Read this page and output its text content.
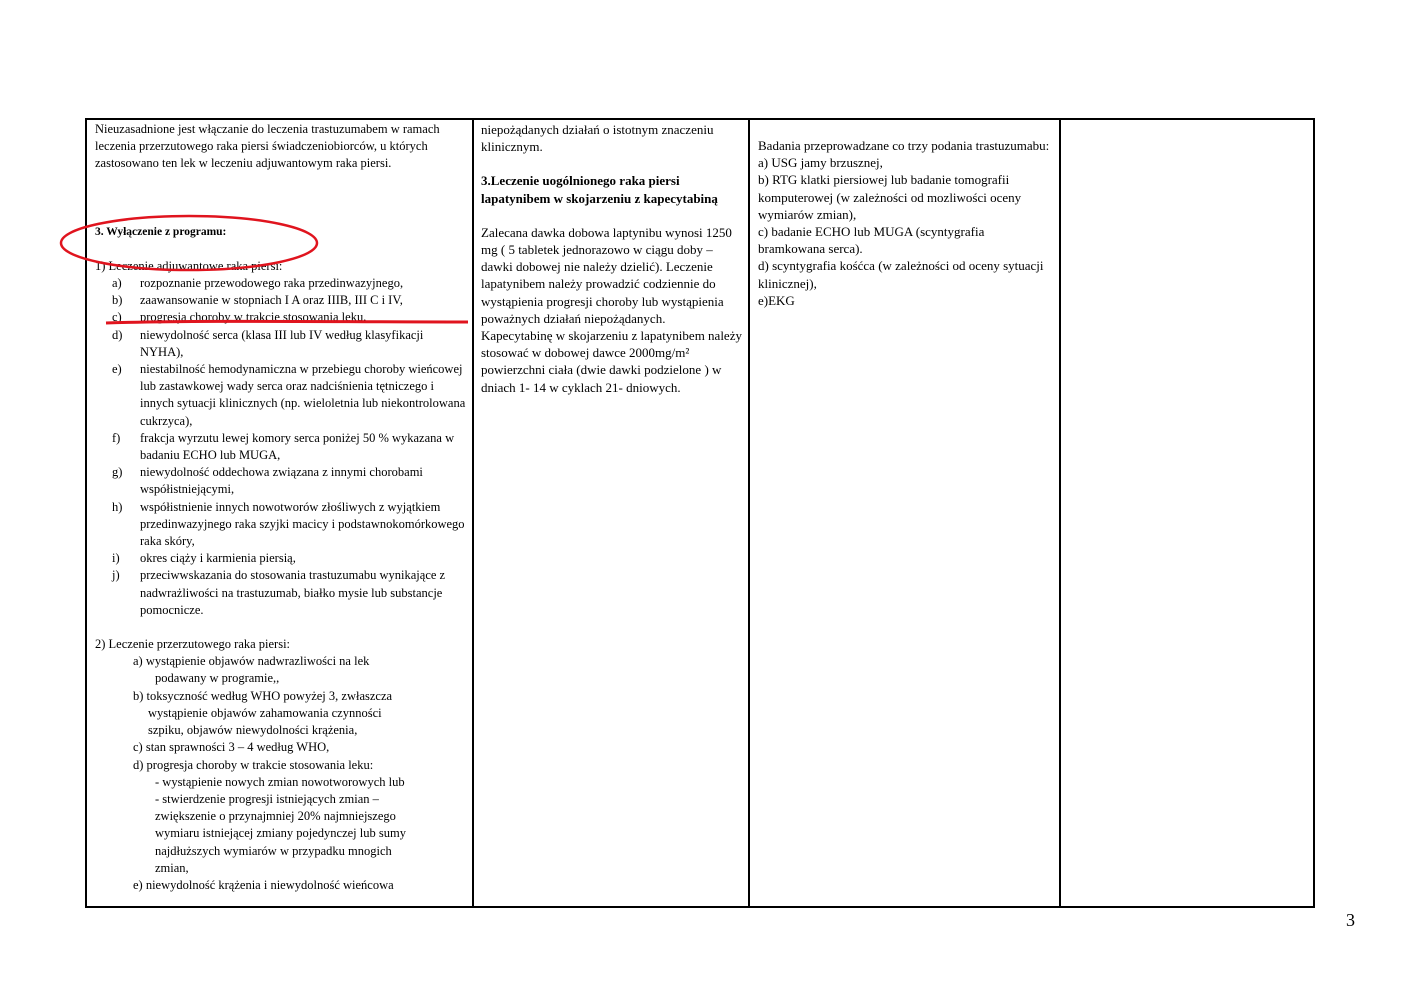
Nieuzasadnione jest włączanie do leczenia trastuzumabem w ramach leczenia przerzutowego raka piersi świadczeniobiorców, u których zastosowano ten lek w leczeniu adjuwantowym raka piersi.

3. Wyłączenie z programu:

1) Leczenie adjuwantowe raka piersi:

a)	rozpoznanie przewodowego raka przedinwazyjnego,
b)	zaawansowanie w stopniach I A oraz IIIB, III C i IV,
c)	progresja choroby w trakcie stosowania leku,
d)	niewydolność serca (klasa III lub IV według klasyfikacji NYHA),
e)	niestabilność hemodynamiczna w przebiegu choroby wieńcowej lub zastawkowej wady serca oraz nadciśnienia tętniczego i innych sytuacji klinicznych (np. wieloletnia lub niekontrolowana cukrzyca),
f)	frakcja wyrzutu lewej komory serca poniżej 50 % wykazana w badaniu ECHO lub MUGA,
g)	niewydolność oddechowa związana z innymi chorobami współistniejącymi,
h)	współistnienie innych nowotworów złośliwych z wyjątkiem przedinwazyjnego raka szyjki macicy i podstawnokomórkowego raka skóry,
i)	okres ciąży i karmienia piersią,
j)	przeciwwskazania do stosowania trastuzumabu wynikające z nadwrażliwości na trastuzumab, białko mysie lub substancje pomocnicze.

2) Leczenie przerzutowego raka piersi:

a) wystąpienie objawów nadwrazliwości na lek

podawany w programie,,

b) toksyczność według WHO powyżej 3, zwłaszcza

wystąpienie objawów zahamowania czynności

szpiku, objawów niewydolności krążenia,

c) stan sprawności 3 – 4 według WHO,

d) progresja choroby w trakcie stosowania leku:

- wystąpienie nowych zmian nowotworowych lub

- stwierdzenie progresji istniejących zmian –

zwiększenie o przynajmniej 20% najmniejszego

wymiaru istniejącej zmiany pojedynczej lub sumy

najdłuższych wymiarów w przypadku mnogich

zmian,

e) niewydolność krążenia i niewydolność wieńcowa

niepożądanych działań o istotnym znaczeniu klinicznym.

3.Leczenie uogólnionego raka piersi lapatynibem w skojarzeniu z kapecytabiną

Zalecana dawka dobowa laptynibu wynosi 1250 mg ( 5 tabletek jednorazowo w ciągu doby – dawki dobowej nie należy dzielić). Leczenie lapatynibem należy prowadzić codziennie do wystąpienia progresji choroby lub wystąpienia poważnych działań niepożądanych.

Kapecytabinę w skojarzeniu z lapatynibem należy stosować w dobowej dawce 2000mg/m² powierzchni ciała (dwie dawki podzielone ) w dniach 1- 14 w cyklach 21- dniowych.

Badania przeprowadzane co trzy podania trastuzumabu:

a) USG jamy brzusznej,

b) RTG klatki piersiowej lub badanie tomografii komputerowej (w zależności od mozliwości oceny wymiarów zmian),

c) badanie ECHO lub MUGA (scyntygrafia bramkowana serca).

d) scyntygrafia kośćca (w zależności od oceny sytuacji klinicznej),

e)EKG

3
